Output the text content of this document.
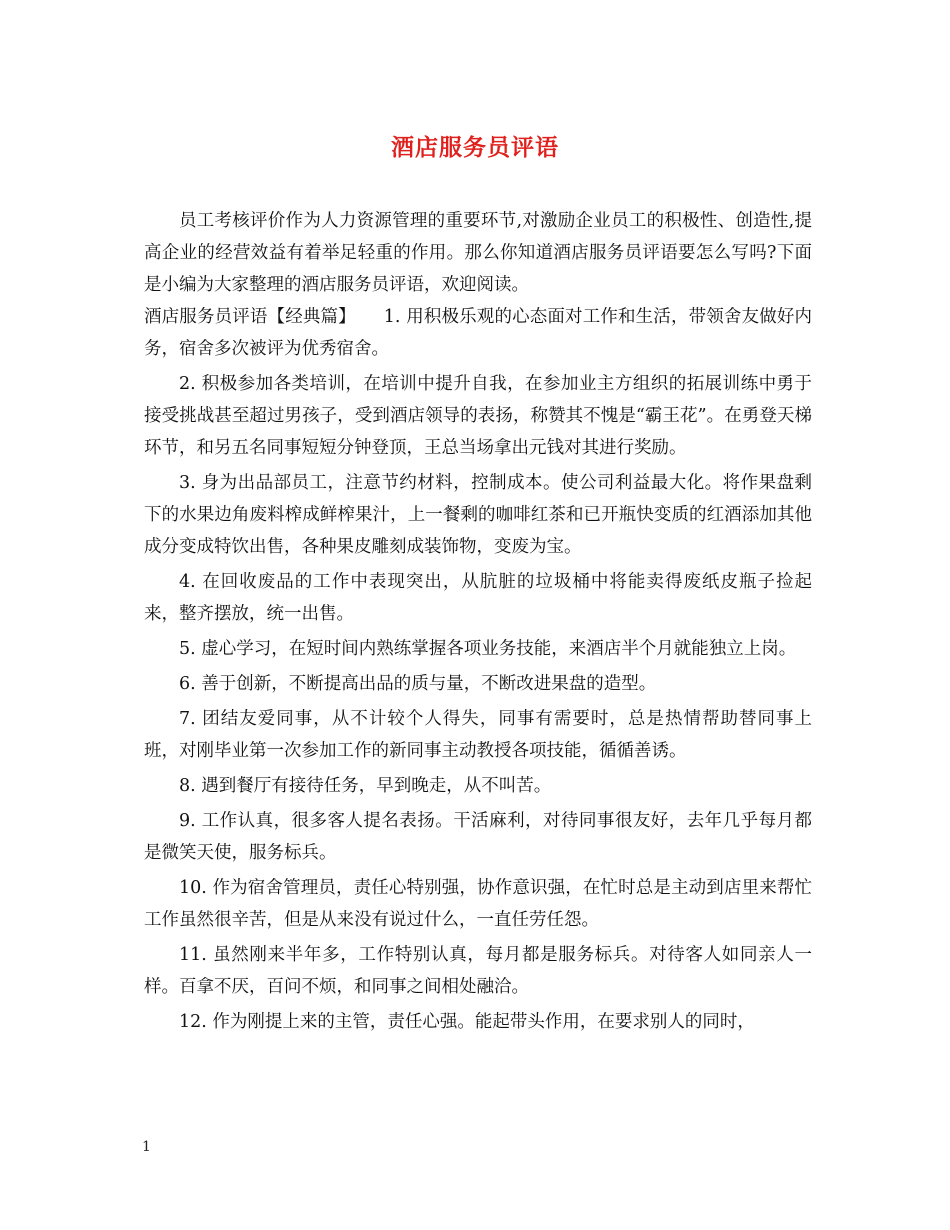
酒店服务员评语

员工考核评价作为人力资源管理的重要环节,对激励企业员工的积极性、创造性,提高企业的经营效益有着举足轻重的作用。那么你知道酒店服务员评语要怎么写吗?下面是小编为大家整理的酒店服务员评语，欢迎阅读。

酒店服务员评语【经典篇】 1. 用积极乐观的心态面对工作和生活，带领舍友做好内务，宿舍多次被评为优秀宿舍。

2. 积极参加各类培训，在培训中提升自我，在参加业主方组织的拓展训练中勇于接受挑战甚至超过男孩子，受到酒店领导的表扬，称赞其不愧是“霸王花”。在勇登天梯环节，和另五名同事短短分钟登顶，王总当场拿出元钱对其进行奖励。

3. 身为出品部员工，注意节约材料，控制成本。使公司利益最大化。将作果盘剩下的水果边角废料榨成鲜榨果汁，上一餐剩的咖啡红茶和已开瓶快变质的红酒添加其他成分变成特饮出售，各种果皮雕刻成装饰物，变废为宝。

4. 在回收废品的工作中表现突出，从肮脏的垃圾桶中将能卖得废纸皮瓶子捡起来，整齐摆放，统一出售。

5. 虚心学习，在短时间内熟练掌握各项业务技能，来酒店半个月就能独立上岗。

6. 善于创新，不断提高出品的质与量，不断改进果盘的造型。

7. 团结友爱同事，从不计较个人得失，同事有需要时，总是热情帮助替同事上班，对刚毕业第一次参加工作的新同事主动教授各项技能，循循善诱。

8. 遇到餐厅有接待任务，早到晚走，从不叫苦。

9. 工作认真，很多客人提名表扬。干活麻利，对待同事很友好，去年几乎每月都是微笑天使，服务标兵。

10. 作为宿舍管理员，责任心特别强，协作意识强，在忙时总是主动到店里来帮忙工作虽然很辛苦，但是从来没有说过什么，一直任劳任怨。

11. 虽然刚来半年多，工作特别认真，每月都是服务标兵。对待客人如同亲人一样。百拿不厌，百问不烦，和同事之间相处融洽。

12. 作为刚提上来的主管，责任心强。能起带头作用，在要求别人的同时，

1
